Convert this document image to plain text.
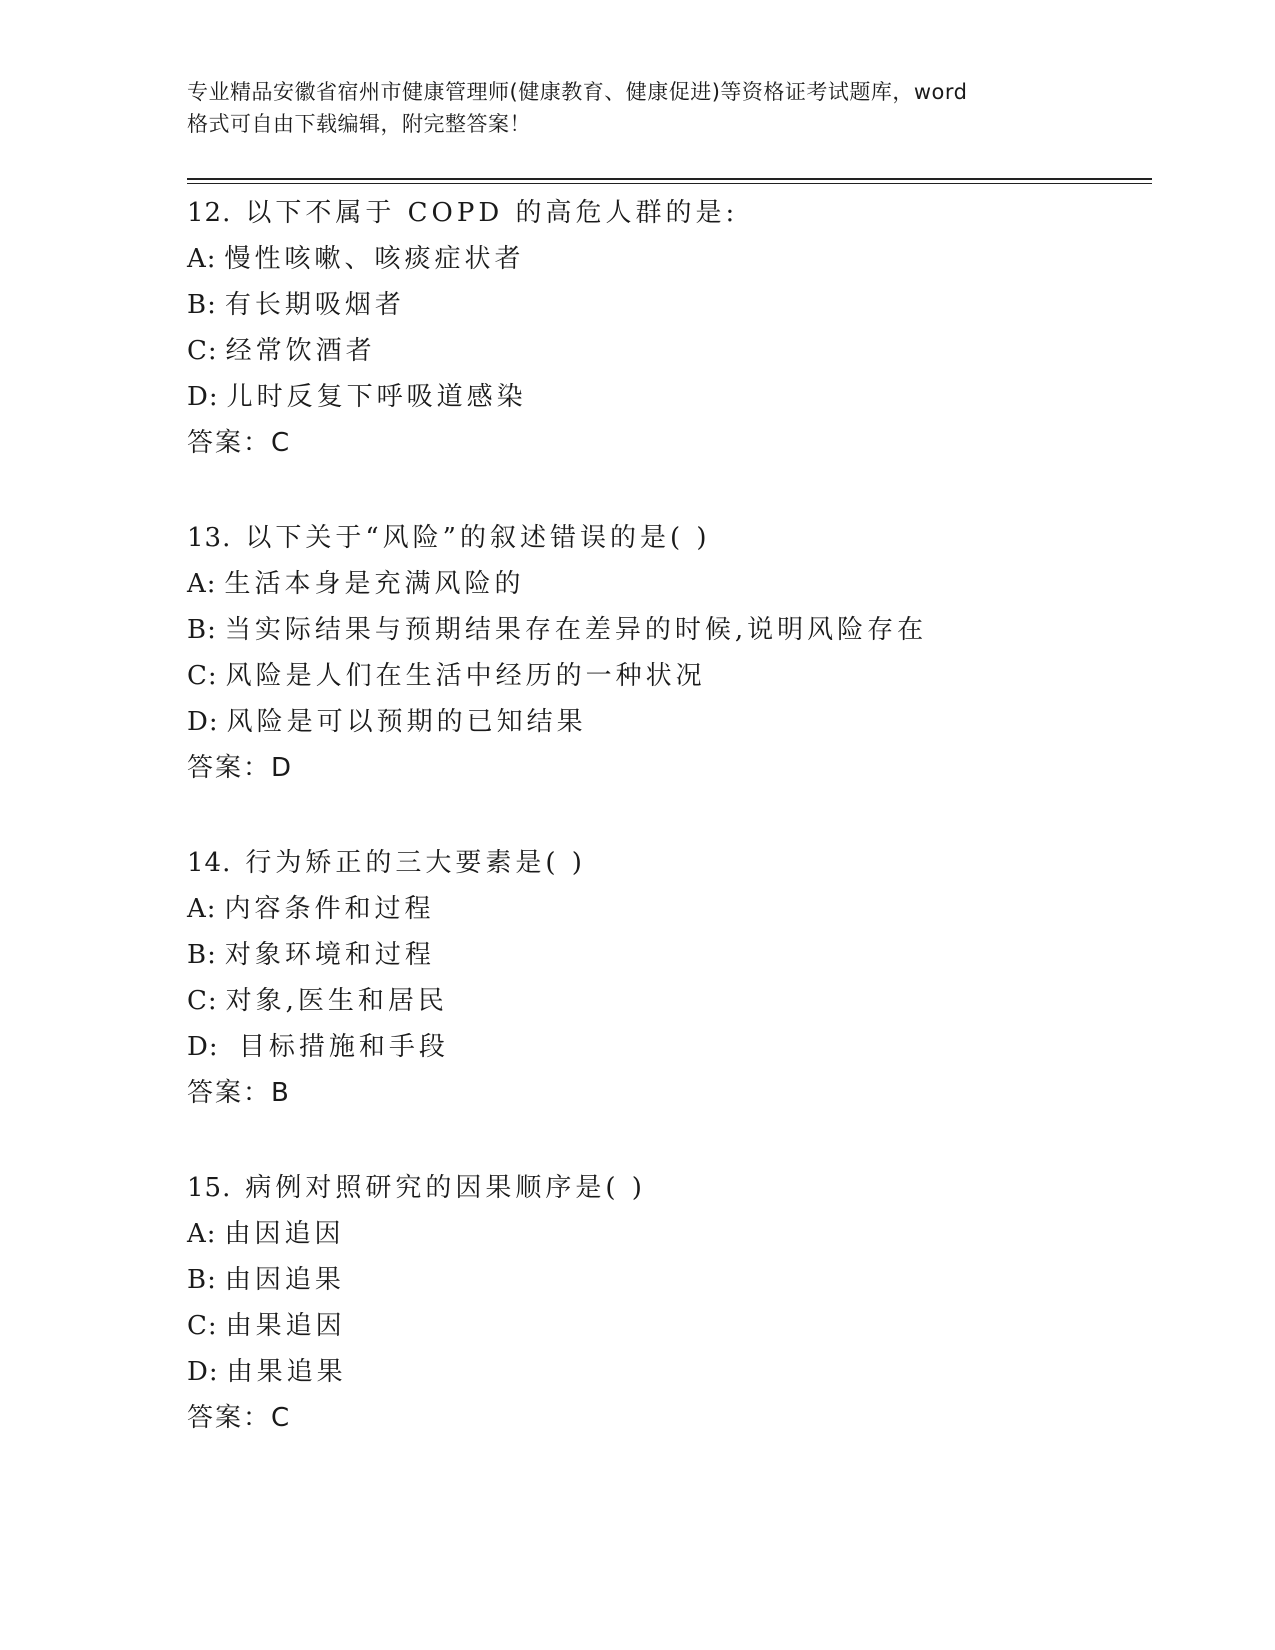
专业精品安徽省宿州市健康管理师(健康教育、健康促进)等资格证考试题库，word
格式可自由下载编辑，附完整答案！
12. 以下不属于 COPD 的高危人群的是:
A: 慢性咳嗽、咳痰症状者
B: 有长期吸烟者
C: 经常饮酒者
D: 儿时反复下呼吸道感染
答案：C
13. 以下关于“风险”的叙述错误的是( )
A: 生活本身是充满风险的
B: 当实际结果与预期结果存在差异的时候,说明风险存在
C: 风险是人们在生活中经历的一种状况
D: 风险是可以预期的已知结果
答案：D
14. 行为矫正的三大要素是( )
A: 内容条件和过程
B: 对象环境和过程
C: 对象,医生和居民
D: 目标措施和手段
答案：B
15. 病例对照研究的因果顺序是( )
A: 由因追因
B: 由因追果
C: 由果追因
D: 由果追果
答案：C
